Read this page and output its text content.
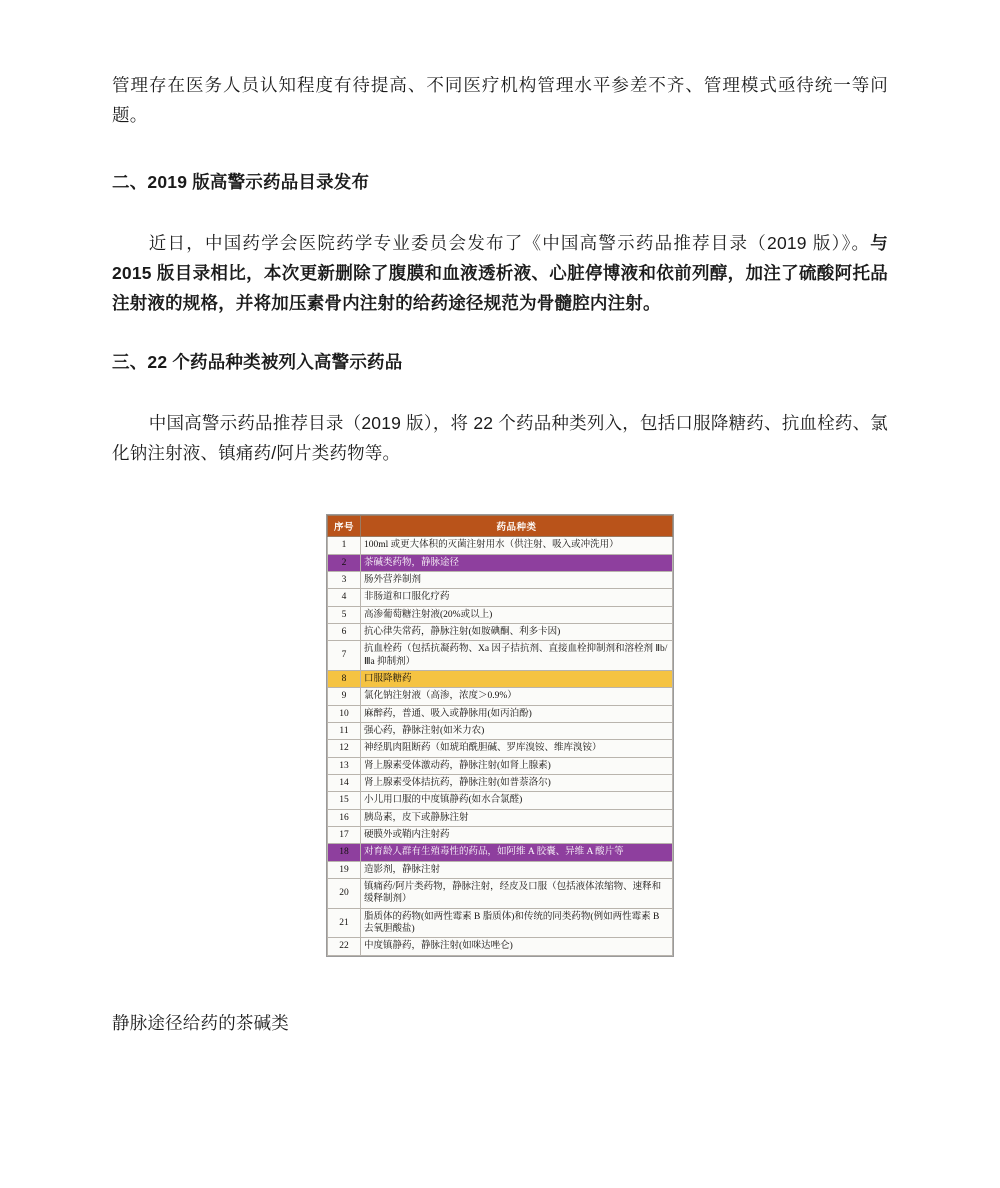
管理存在医务人员认知程度有待提高、不同医疗机构管理水平参差不齐、管理模式亟待统一等问题。

二、2019 版高警示药品目录发布

近日，中国药学会医院药学专业委员会发布了《中国高警示药品推荐目录（2019 版）》。与 2015 版目录相比，本次更新删除了腹膜和血液透析液、心脏停博液和依前列醇，加注了硫酸阿托品注射液的规格，并将加压素骨内注射的给药途径规范为骨髓腔内注射。

三、22 个药品种类被列入高警示药品

中国高警示药品推荐目录（2019 版），将 22 个药品种类列入，包括口服降糖药、抗血栓药、氯化钠注射液、镇痛药/阿片类药物等。

序号	药品种类
1	100ml 或更大体积的灭菌注射用水（供注射、吸入或冲洗用）
2	茶碱类药物，静脉途径
3	肠外营养制剂
4	非肠道和口服化疗药
5	高渗葡萄糖注射液(20%或以上)
6	抗心律失常药，静脉注射(如胺碘酮、利多卡因)
7	抗血栓药（包括抗凝药物、Xa 因子拮抗剂、直接血栓抑制剂和溶栓剂 Ⅱb/Ⅲa 抑制剂）
8	口服降糖药
9	氯化钠注射液（高渗，浓度＞0.9%）
10	麻醉药，普通、吸入或静脉用(如丙泊酚)
11	强心药，静脉注射(如米力农)
12	神经肌肉阻断药（如琥珀酰胆碱、罗库溴铵、维库溴铵）
13	肾上腺素受体激动药，静脉注射(如肾上腺素)
14	肾上腺素受体拮抗药，静脉注射(如普萘洛尔)
15	小儿用口服的中度镇静药(如水合氯醛)
16	胰岛素，皮下或静脉注射
17	硬膜外或鞘内注射药
18	对育龄人群有生殖毒性的药品，如阿维 A 胶囊、异维 A 酸片等
19	造影剂，静脉注射
20	镇痛药/阿片类药物，静脉注射，经皮及口服（包括液体浓缩物、速释和缓释制剂）
21	脂质体的药物(如两性霉素 B 脂质体)和传统的同类药物(例如两性霉素 B 去氧胆酸盐)
22	中度镇静药，静脉注射(如咪达唑仑)
静脉途径给药的茶碱类
